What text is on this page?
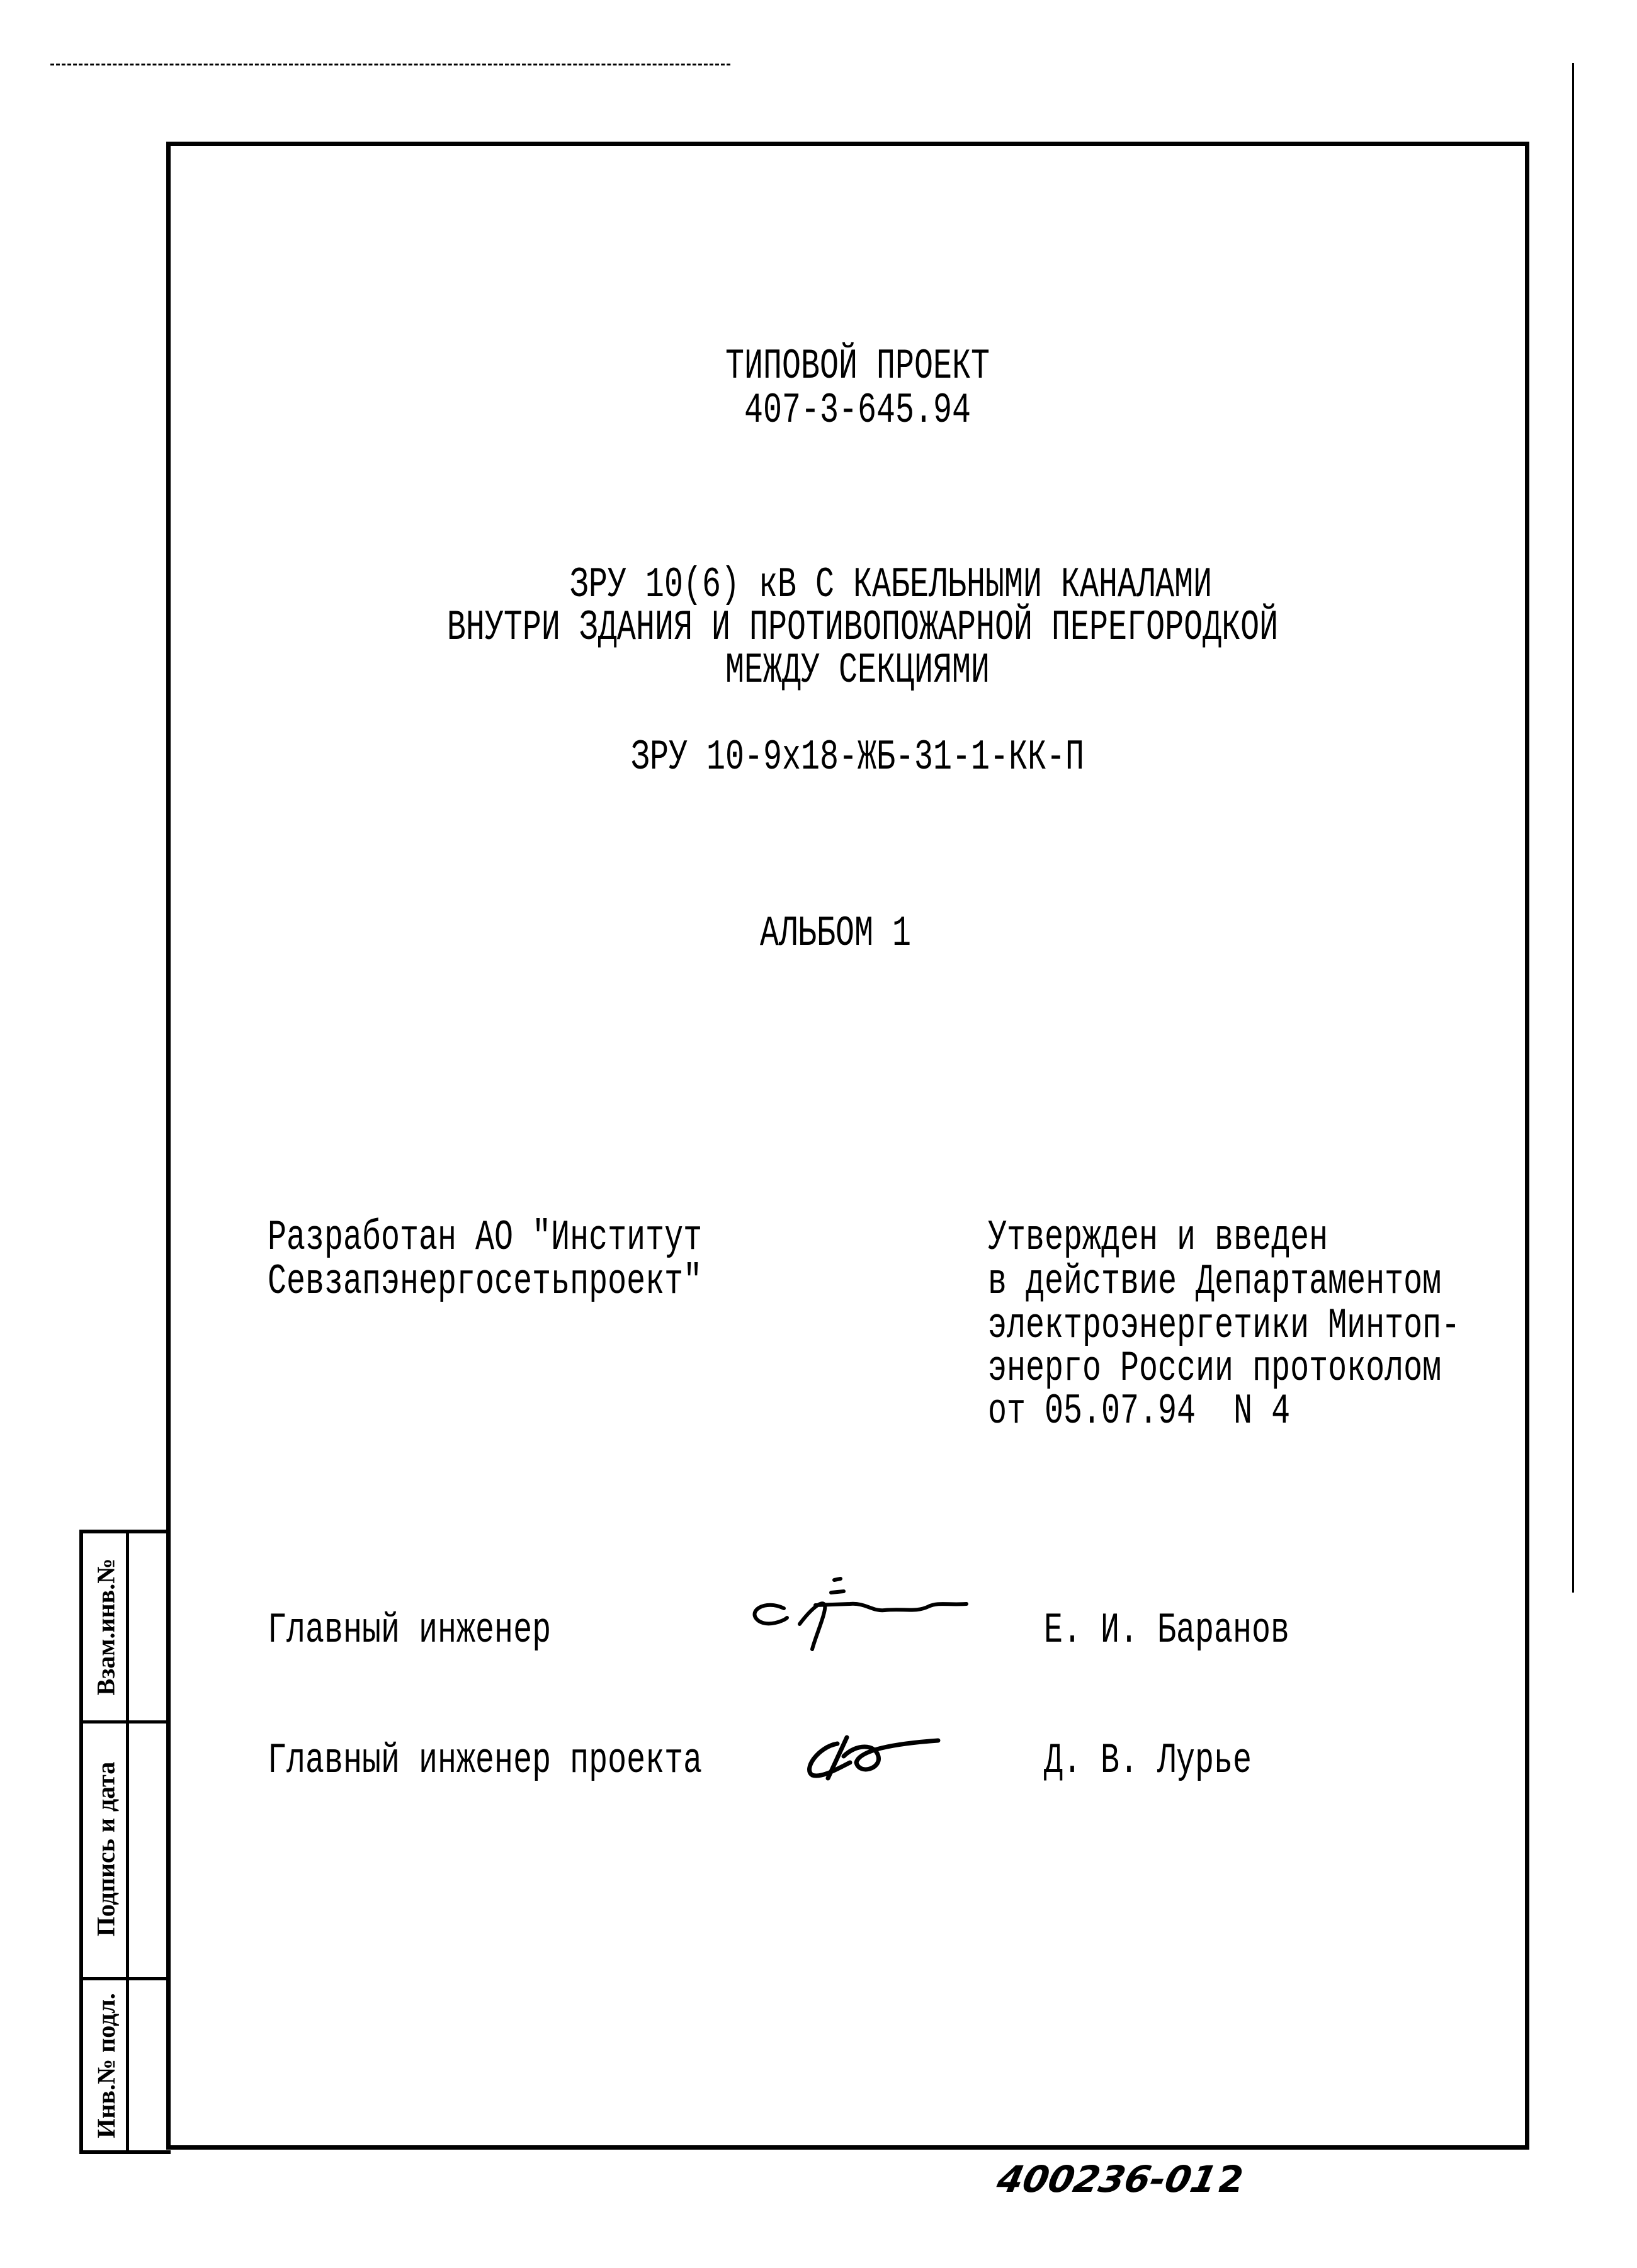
Взам.инв.№
Подпись и дата
Инв.№ подл.
ТИПОВОЙ ПРОЕКТ
407-3-645.94
ЗРУ 10(6) кВ С КАБЕЛЬНЫМИ КАНАЛАМИ
ВНУТРИ ЗДАНИЯ И ПРОТИВОПОЖАРНОЙ ПЕРЕГОРОДКОЙ
МЕЖДУ СЕКЦИЯМИ
ЗРУ 10-9х18-ЖБ-31-1-КК-П
АЛЬБОМ 1
Разработан АО "Институт
Севзапэнергосетьпроект"
Утвержден и введен
в действие Департаментом
электроэнергетики Минтоп-
энерго России протоколом
от 05.07.94  N 4
Главный инженер	Е. И. Баранов
Главный инженер проекта	Д. В. Лурье
400236-01
2
